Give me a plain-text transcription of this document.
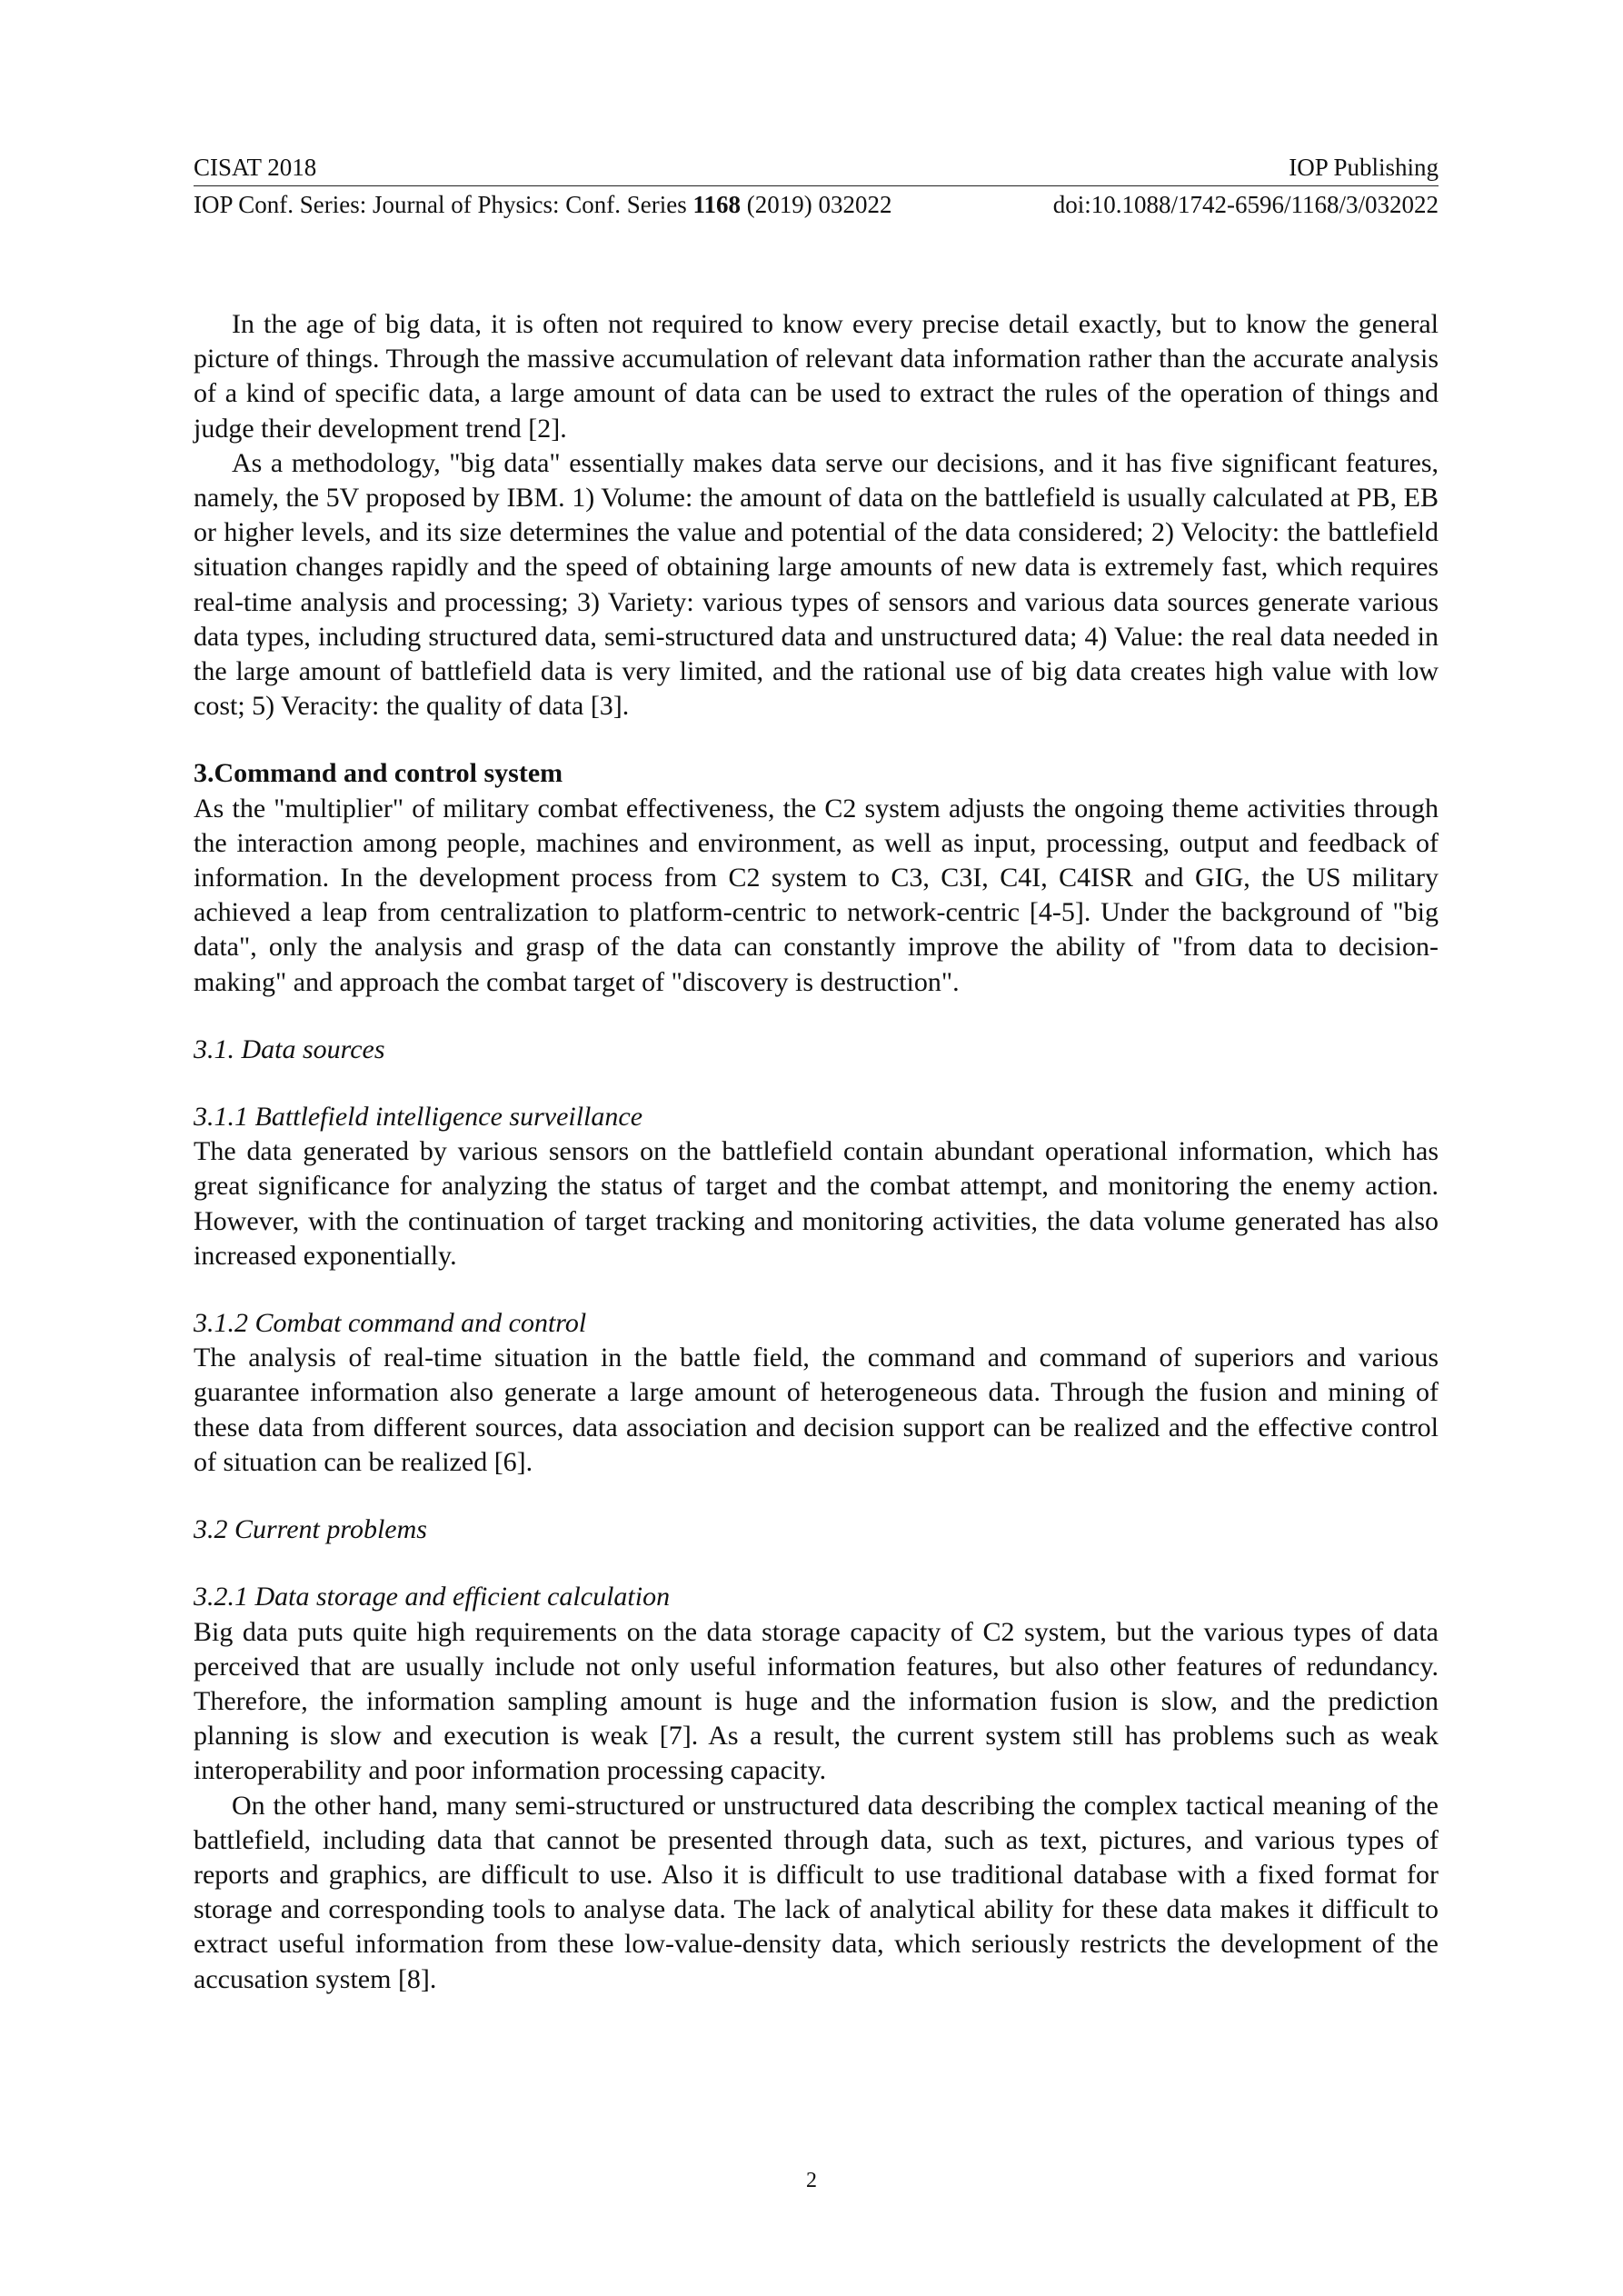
CISAT 2018	IOP Publishing
IOP Conf. Series: Journal of Physics: Conf. Series 1168 (2019) 032022	doi:10.1088/1742-6596/1168/3/032022

In the age of big data, it is often not required to know every precise detail exactly, but to know the general picture of things. Through the massive accumulation of relevant data information rather than the accurate analysis of a kind of specific data, a large amount of data can be used to extract the rules of the operation of things and judge their development trend [2].

As a methodology, "big data" essentially makes data serve our decisions, and it has five significant features, namely, the 5V proposed by IBM. 1) Volume: the amount of data on the battlefield is usually calculated at PB, EB or higher levels, and its size determines the value and potential of the data considered; 2) Velocity: the battlefield situation changes rapidly and the speed of obtaining large amounts of new data is extremely fast, which requires real-time analysis and processing; 3) Variety: various types of sensors and various data sources generate various data types, including structured data, semi-structured data and unstructured data; 4) Value: the real data needed in the large amount of battlefield data is very limited, and the rational use of big data creates high value with low cost; 5) Veracity: the quality of data [3].

3.Command and control system

As the "multiplier" of military combat effectiveness, the C2 system adjusts the ongoing theme activities through the interaction among people, machines and environment, as well as input, processing, output and feedback of information. In the development process from C2 system to C3, C3I, C4I, C4ISR and GIG, the US military achieved a leap from centralization to platform-centric to network-centric [4-5]. Under the background of "big data", only the analysis and grasp of the data can constantly improve the ability of "from data to decision-making" and approach the combat target of "discovery is destruction".

3.1. Data sources

3.1.1 Battlefield intelligence surveillance

The data generated by various sensors on the battlefield contain abundant operational information, which has great significance for analyzing the status of target and the combat attempt, and monitoring the enemy action. However, with the continuation of target tracking and monitoring activities, the data volume generated has also increased exponentially.

3.1.2 Combat command and control

The analysis of real-time situation in the battle field, the command and command of superiors and various guarantee information also generate a large amount of heterogeneous data. Through the fusion and mining of these data from different sources, data association and decision support can be realized and the effective control of situation can be realized [6].

3.2 Current problems

3.2.1 Data storage and efficient calculation

Big data puts quite high requirements on the data storage capacity of C2 system, but the various types of data perceived that are usually include not only useful information features, but also other features of redundancy. Therefore, the information sampling amount is huge and the information fusion is slow, and the prediction planning is slow and execution is weak [7]. As a result, the current system still has problems such as weak interoperability and poor information processing capacity.

On the other hand, many semi-structured or unstructured data describing the complex tactical meaning of the battlefield, including data that cannot be presented through data, such as text, pictures, and various types of reports and graphics, are difficult to use. Also it is difficult to use traditional database with a fixed format for storage and corresponding tools to analyse data. The lack of analytical ability for these data makes it difficult to extract useful information from these low-value-density data, which seriously restricts the development of the accusation system [8].

2
